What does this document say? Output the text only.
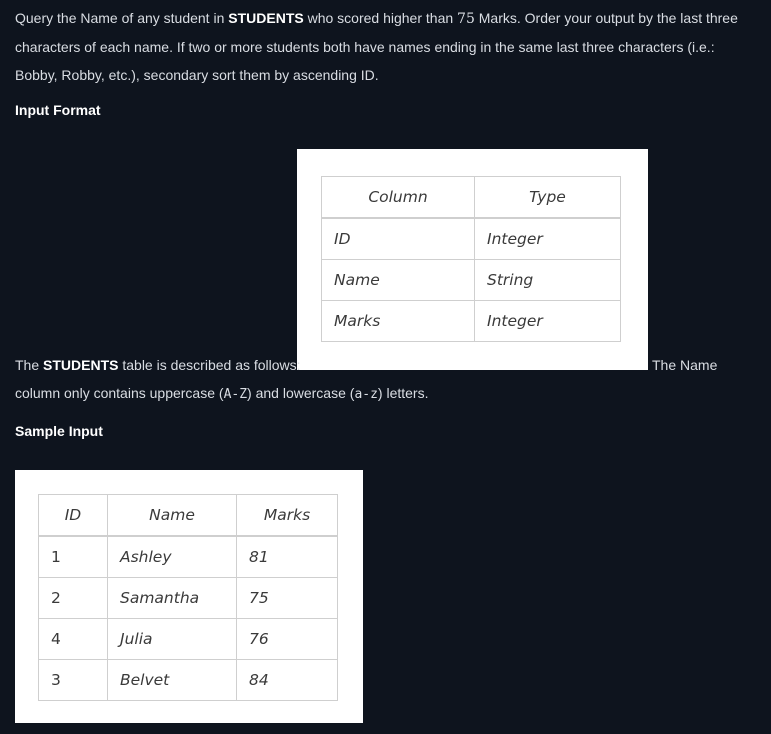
Query the Name of any student in STUDENTS who scored higher than 75 Marks. Order your output by the last three characters of each name. If two or more students both have names ending in the same last three characters (i.e.: Bobby, Robby, etc.), secondary sort them by ascending ID.

Input Format
Column	Type
ID	Integer
Name	String
Marks	Integer
The STUDENTS table is described as follows:	The Name
column only contains uppercase (A-Z) and lowercase (a-z) letters.
Sample Input
ID	Name	Marks
1	Ashley	81
2	Samantha	75
4	Julia	76
3	Belvet	84
